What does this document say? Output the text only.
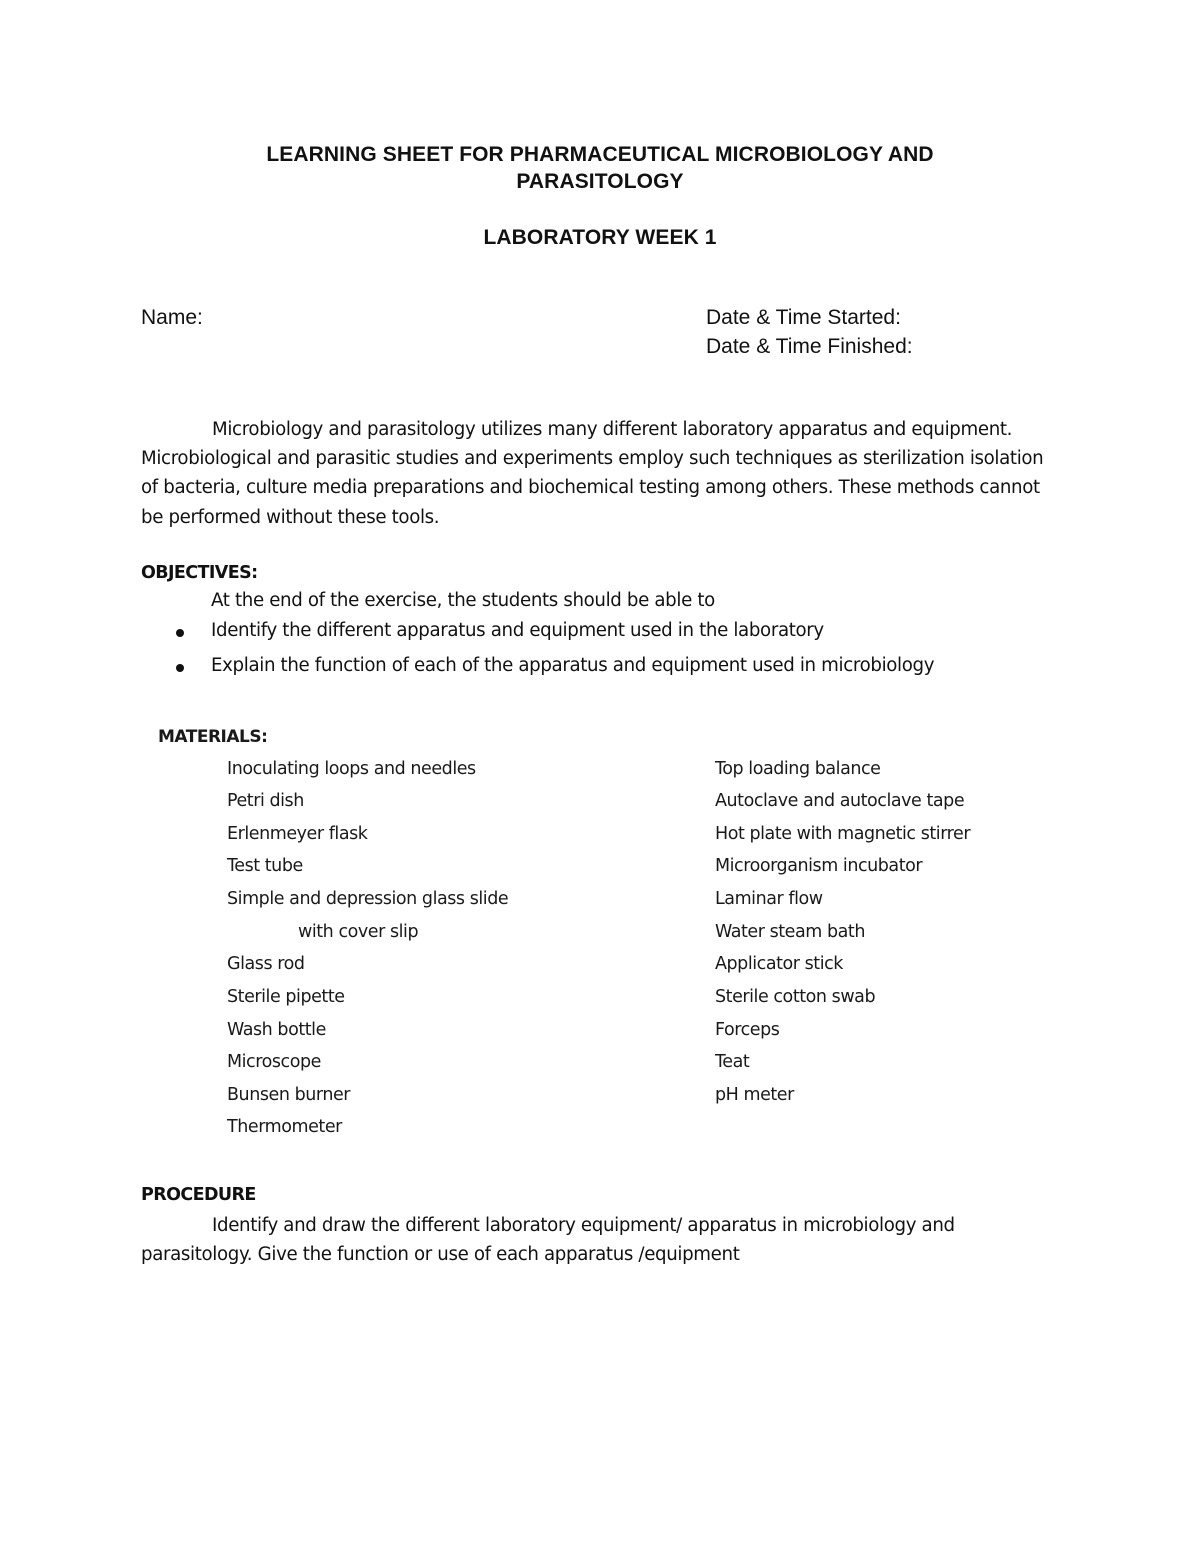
LEARNING SHEET FOR PHARMACEUTICAL MICROBIOLOGY AND
PARASITOLOGY
LABORATORY WEEK 1
Name:	Date & Time Started:
Date & Time Finished:
Microbiology and parasitology utilizes many different laboratory apparatus and equipment. Microbiological and parasitic studies and experiments employ such techniques as sterilization isolation of bacteria, culture media preparations and biochemical testing among others. These methods cannot be performed without these tools.
OBJECTIVES:
At the end of the exercise, the students should be able to
Identify the different apparatus and equipment used in the laboratory
Explain the function of each of the apparatus and equipment used in microbiology
MATERIALS:
Inoculating loops and needles
Petri dish
Erlenmeyer flask
Test tube
Simple and depression glass slide
with cover slip
Glass rod
Sterile pipette
Wash bottle
Microscope
Bunsen burner
Thermometer
Top loading balance
Autoclave and autoclave tape
Hot plate with magnetic stirrer
Microorganism incubator
Laminar flow
Water steam bath
Applicator stick
Sterile cotton swab
Forceps
Teat
pH meter
PROCEDURE
Identify and draw the different laboratory equipment/ apparatus in microbiology and parasitology. Give the function or use of each apparatus /equipment
